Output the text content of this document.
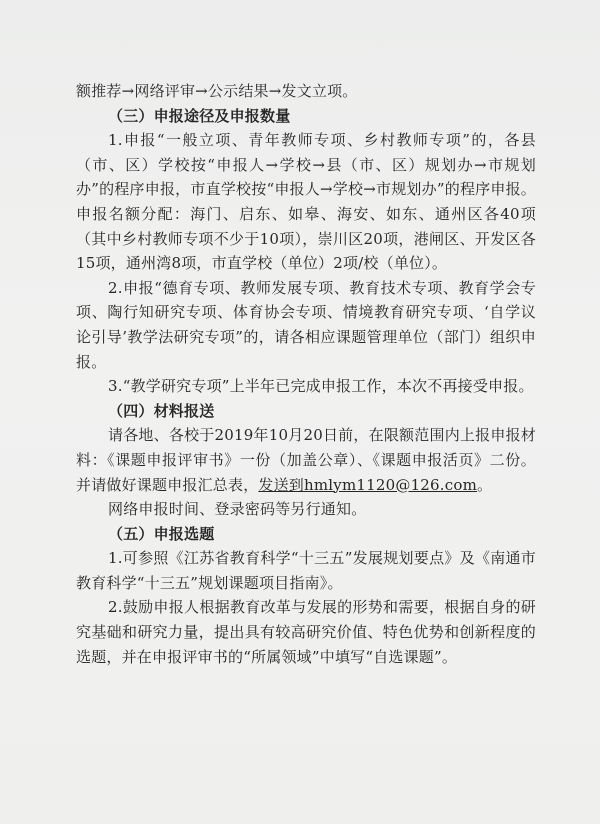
额推荐→网络评审→公示结果→发文立项。

（三）申报途径及申报数量

1.申报“一般立项、青年教师专项、乡村教师专项”的，各县（市、区）学校按“申报人→学校→县（市、区）规划办→市规划办”的程序申报，市直学校按“申报人→学校→市规划办”的程序申报。申报名额分配：海门、启东、如皋、海安、如东、通州区各40项（其中乡村教师专项不少于10项），崇川区20项，港闸区、开发区各15项，通州湾8项，市直学校（单位）2项/校（单位）。

2.申报“德育专项、教师发展专项、教育技术专项、教育学会专项、陶行知研究专项、体育协会专项、情境教育研究专项、‘自学议论引导’教学法研究专项”的，请各相应课题管理单位（部门）组织申报。

3.“教学研究专项”上半年已完成申报工作，本次不再接受申报。

（四）材料报送

请各地、各校于2019年10月20日前，在限额范围内上报申报材料：《课题申报评审书》一份（加盖公章）、《课题申报活页》二份。并请做好课题申报汇总表，发送到hmlym1120@126.com。

网络申报时间、登录密码等另行通知。

（五）申报选题

1.可参照《江苏省教育科学“十三五”发展规划要点》及《南通市教育科学“十三五”规划课题项目指南》。

2.鼓励申报人根据教育改革与发展的形势和需要，根据自身的研究基础和研究力量，提出具有较高研究价值、特色优势和创新程度的选题，并在申报评审书的“所属领域”中填写“自选课题”。
